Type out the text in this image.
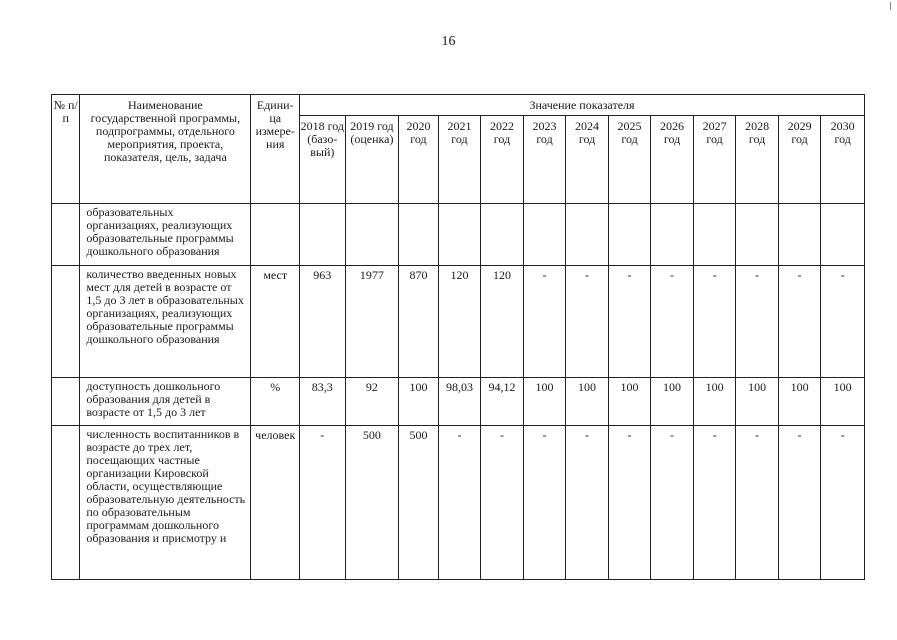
16
№ п/п	Наименование государственной программы, подпрограммы, отдельного мероприятия, проекта, показателя, цель, задача	Едини-ца измере-ния	Значение показателя												
			2018 год (базо-вый)	2019 год (оценка)	2020 год	2021 год	2022 год	2023 год	2024 год	2025 год	2026 год	2027 год	2028 год	2029 год	2030 год
	образовательных организациях, реализующих образовательные программы дошкольного образования														
	количество введенных новых мест для детей в возрасте от 1,5 до 3 лет в образовательных организациях, реализующих образовательные программы дошкольного образования	мест	963	1977	870	120	120	-	-	-	-	-	-	-	-
	доступность дошкольного образования для детей в возрасте от 1,5 до 3 лет	%	83,3	92	100	98,03	94,12	100	100	100	100	100	100	100	100
	численность воспитанников в возрасте до трех лет, посещающих частные организации Кировской области, осуществляющие образовательную деятельность по образовательным программам дошкольного образования и присмотру и	человек	-	500	500	-	-	-	-	-	-	-	-	-	-
